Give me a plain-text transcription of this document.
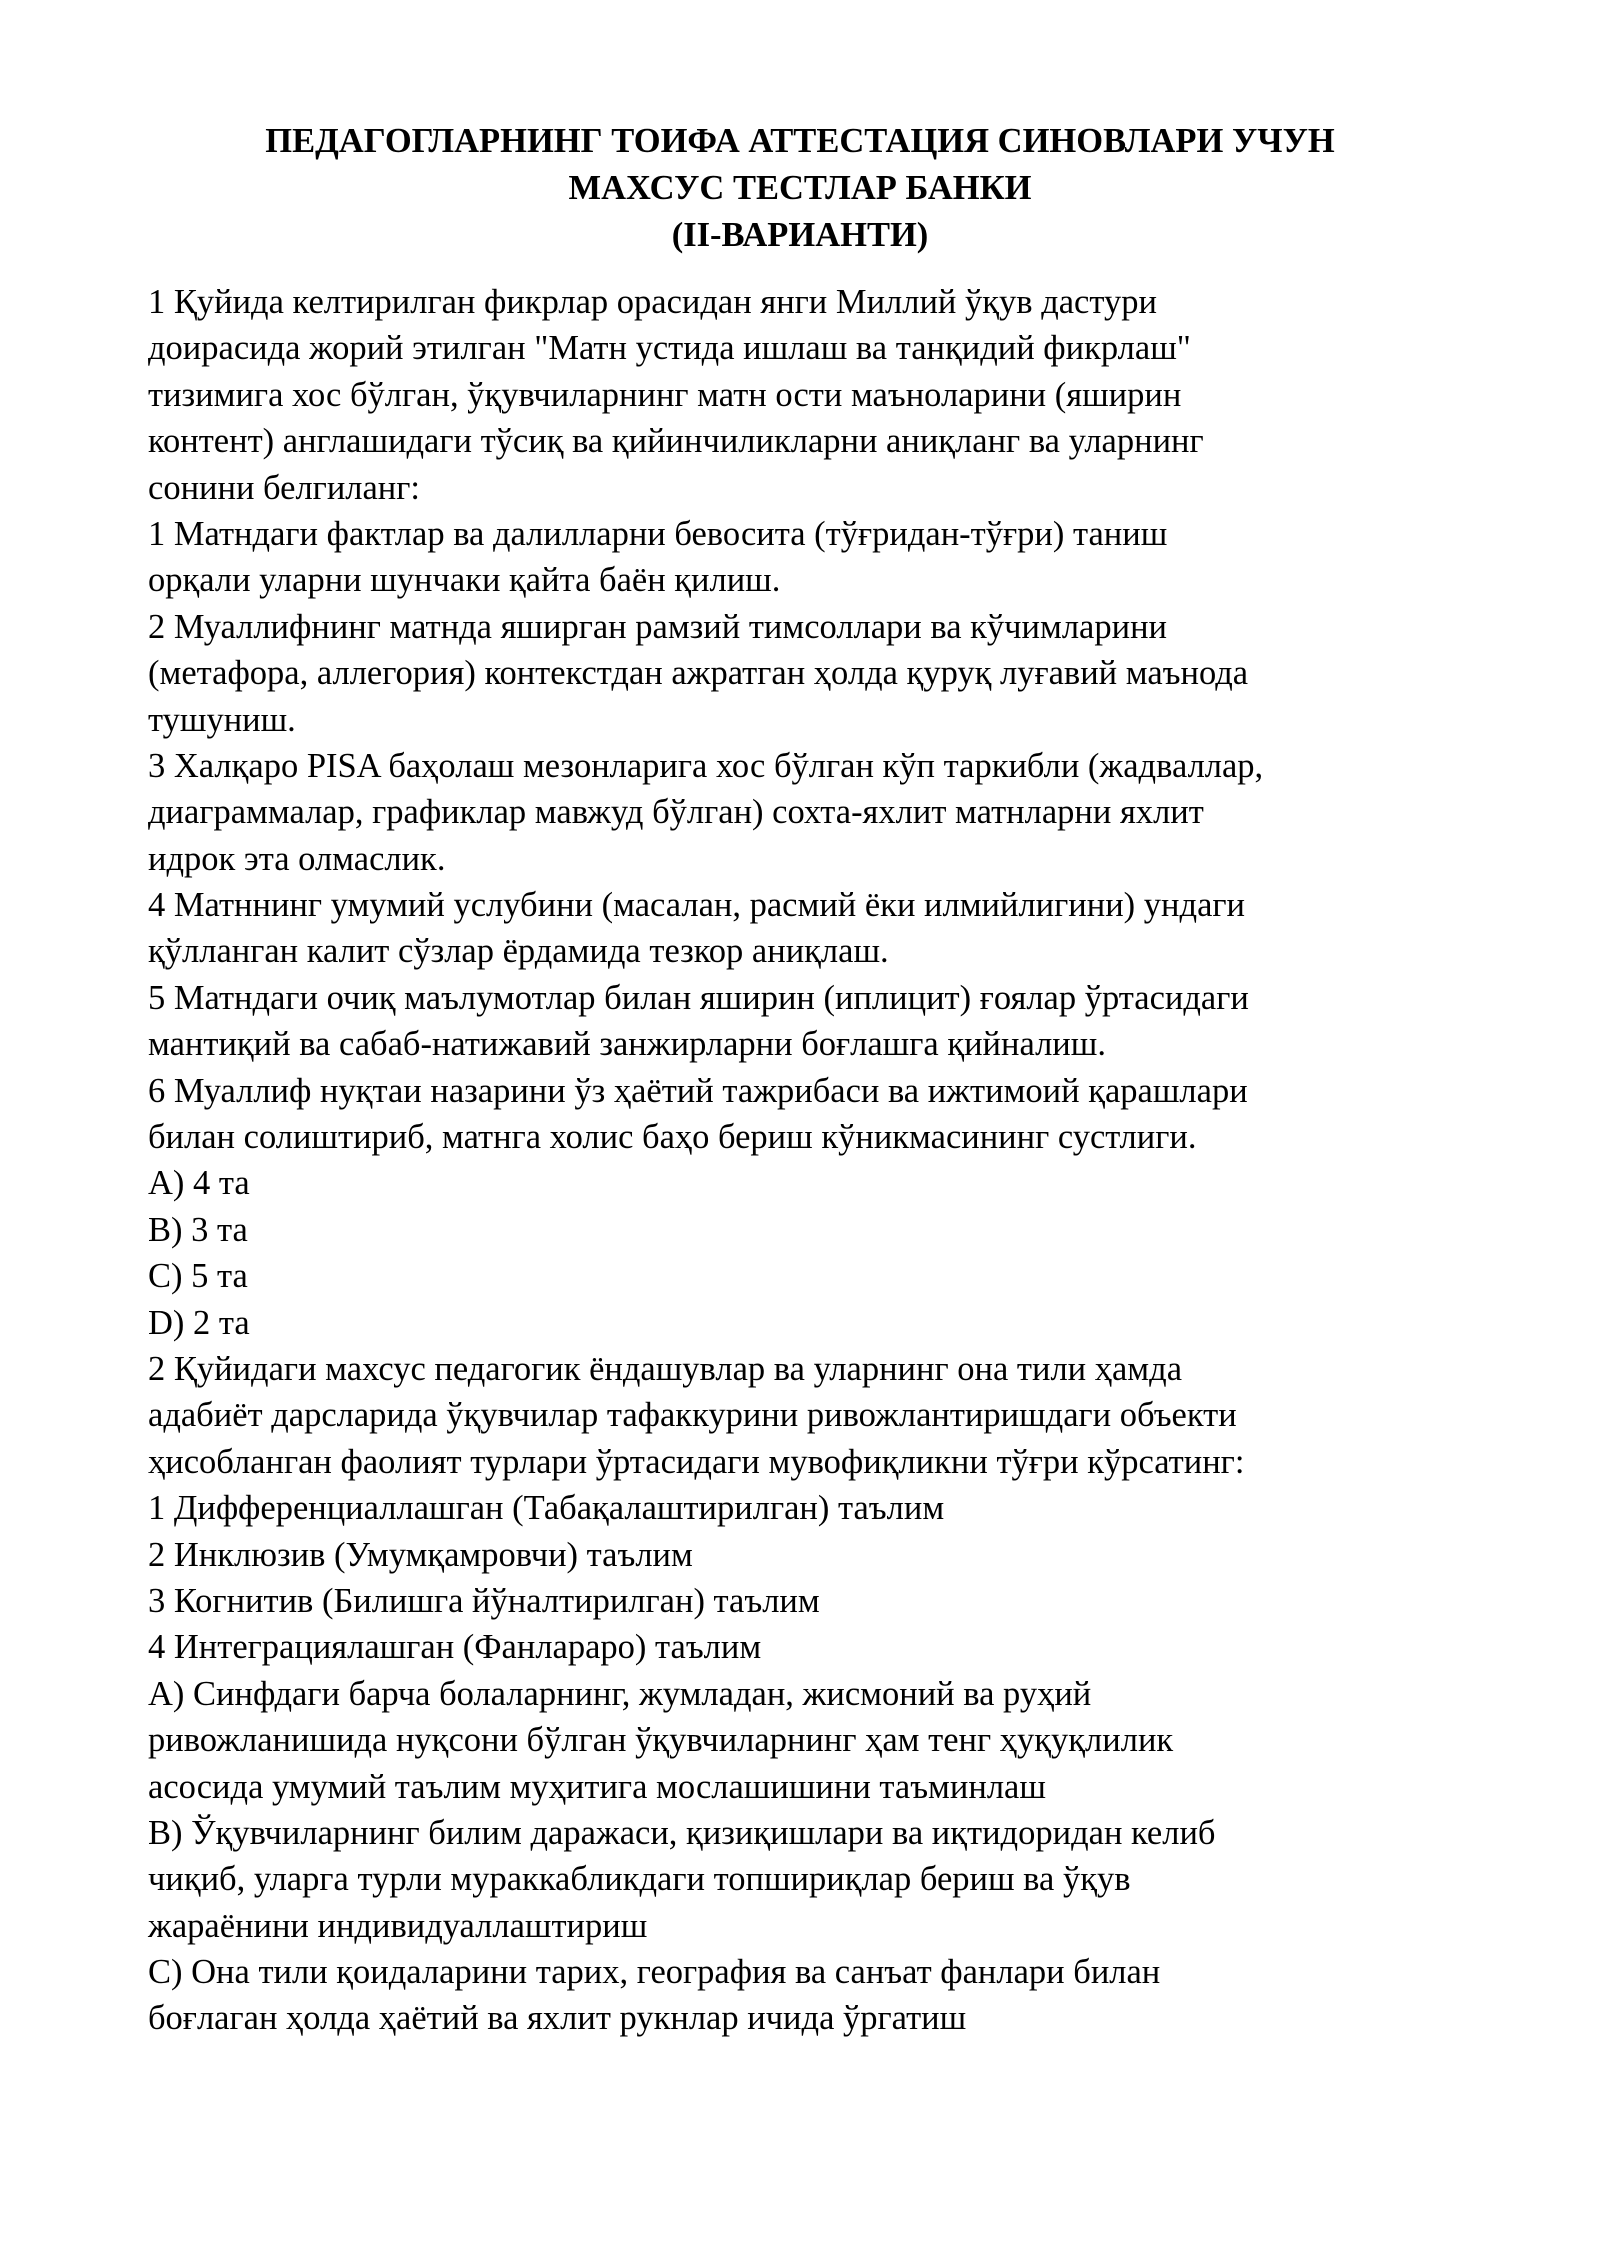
ПЕДАГОГЛАРНИНГ ТОИФА АТТЕСТАЦИЯ СИНОВЛАРИ УЧУН
МАХСУС ТЕСТЛАР БАНКИ
(II-ВАРИАНТИ)
1 Қуйида келтирилган фикрлар орасидан янги Миллий ўқув дастури
доирасида жорий этилган "Матн устида ишлаш ва танқидий фикрлаш"
тизимига хос бўлган, ўқувчиларнинг матн ости маъноларини (яширин
контент) англашидаги тўсиқ ва қийинчиликларни аниқланг ва уларнинг
сонини белгиланг:
1 Матндаги фактлар ва далилларни бевосита (тўғридан-тўғри) таниш
орқали уларни шунчаки қайта баён қилиш.
2 Муаллифнинг матнда яширган рамзий тимсоллари ва кўчимларини
(метафора, аллегория) контекстдан ажратган ҳолда қуруқ луғавий маънода
тушуниш.
3 Халқаро PISA баҳолаш мезонларига хос бўлган кўп таркибли (жадваллар,
диаграммалар, графиклар мавжуд бўлган) сохта-яхлит матнларни яхлит
идрок эта олмаслик.
4 Матннинг умумий услубини (масалан, расмий ёки илмийлигини) ундаги
қўлланган калит сўзлар ёрдамида тезкор аниқлаш.
5 Матндаги очиқ маълумотлар билан яширин (иплицит) ғоялар ўртасидаги
мантиқий ва сабаб-натижавий занжирларни боғлашга қийналиш.
6 Муаллиф нуқтаи назарини ўз ҳаётий тажрибаси ва ижтимоий қарашлари
билан солиштириб, матнга холис баҳо бериш кўникмасининг сустлиги.
A) 4 та
B) 3 та
C) 5 та
D) 2 та
2 Қуйидаги махсус педагогик ёндашувлар ва уларнинг она тили ҳамда
адабиёт дарсларида ўқувчилар тафаккурини ривожлантиришдаги объекти
ҳисобланган фаолият турлари ўртасидаги мувофиқликни тўғри кўрсатинг:
1 Дифференциаллашган (Табақалаштирилган) таълим
2 Инклюзив (Умумқамровчи) таълим
3 Когнитив (Билишга йўналтирилган) таълим
4 Интеграциялашган (Фанлараро) таълим
A) Синфдаги барча болаларнинг, жумладан, жисмоний ва руҳий
ривожланишида нуқсони бўлган ўқувчиларнинг ҳам тенг ҳуқуқлилик
асосида умумий таълим муҳитига мослашишини таъминлаш
B) Ўқувчиларнинг билим даражаси, қизиқишлари ва иқтидоридан келиб
чиқиб, уларга турли мураккабликдаги топшириқлар бериш ва ўқув
жараёнини индивидуаллаштириш
C) Она тили қоидаларини тарих, география ва санъат фанлари билан
боғлаган ҳолда ҳаётий ва яхлит рукнлар ичида ўргатиш
